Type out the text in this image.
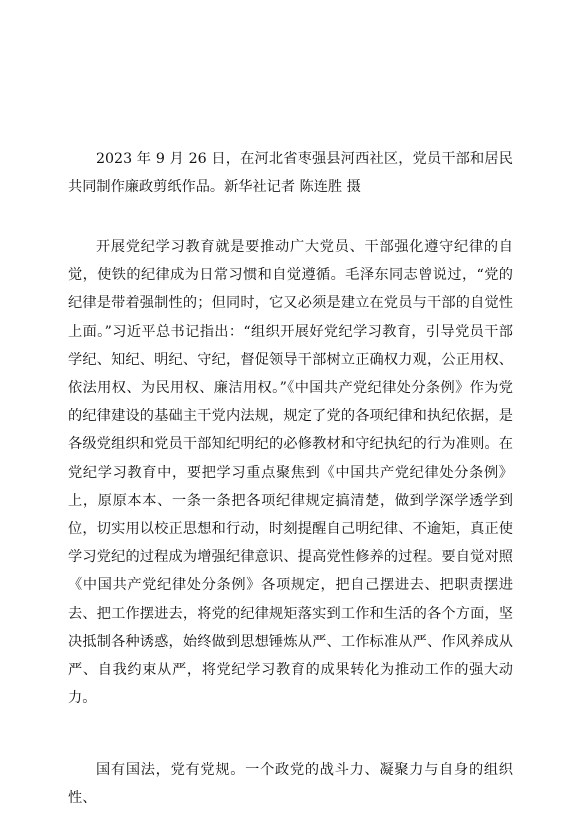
2023 年 9 月 26 日，在河北省枣强县河西社区，党员干部和居民共同制作廉政剪纸作品。新华社记者 陈连胜 摄

开展党纪学习教育就是要推动广大党员、干部强化遵守纪律的自觉，使铁的纪律成为日常习惯和自觉遵循。毛泽东同志曾说过，“党的纪律是带着强制性的；但同时，它又必须是建立在党员与干部的自觉性上面。”习近平总书记指出：“组织开展好党纪学习教育，引导党员干部学纪、知纪、明纪、守纪，督促领导干部树立正确权力观，公正用权、依法用权、为民用权、廉洁用权。”《中国共产党纪律处分条例》作为党的纪律建设的基础主干党内法规，规定了党的各项纪律和执纪依据，是各级党组织和党员干部知纪明纪的必修教材和守纪执纪的行为准则。在党纪学习教育中，要把学习重点聚焦到《中国共产党纪律处分条例》上，原原本本、一条一条把各项纪律规定搞清楚，做到学深学透学到位，切实用以校正思想和行动，时刻提醒自己明纪律、不逾矩，真正使学习党纪的过程成为增强纪律意识、提高党性修养的过程。要自觉对照《中国共产党纪律处分条例》各项规定，把自己摆进去、把职责摆进去、把工作摆进去，将党的纪律规矩落实到工作和生活的各个方面，坚决抵制各种诱惑，始终做到思想锤炼从严、工作标准从严、作风养成从严、自我约束从严，将党纪学习教育的成果转化为推动工作的强大动力。

国有国法，党有党规。一个政党的战斗力、凝聚力与自身的组织性、
